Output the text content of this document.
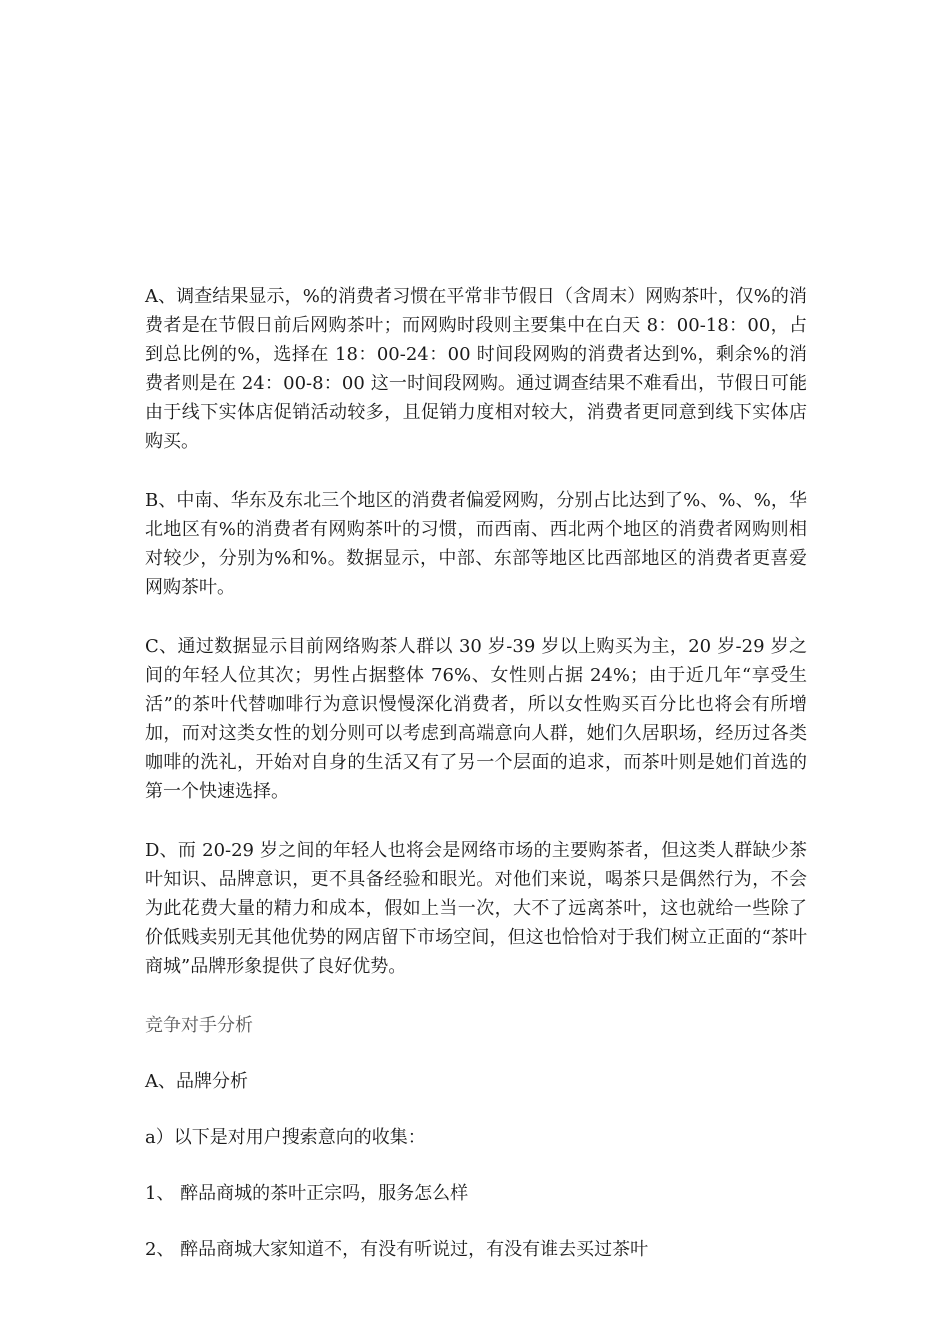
A、调查结果显示，%的消费者习惯在平常非节假日（含周末）网购茶叶，仅%的消费者是在节假日前后网购茶叶；而网购时段则主要集中在白天 8：00-18：00，占到总比例的%，选择在 18：00-24：00 时间段网购的消费者达到%，剩余%的消费者则是在 24：00-8：00 这一时间段网购。通过调查结果不难看出，节假日可能由于线下实体店促销活动较多，且促销力度相对较大，消费者更同意到线下实体店购买。

B、中南、华东及东北三个地区的消费者偏爱网购，分别占比达到了%、%、%，华北地区有%的消费者有网购茶叶的习惯，而西南、西北两个地区的消费者网购则相对较少，分别为%和%。数据显示，中部、东部等地区比西部地区的消费者更喜爱网购茶叶。

C、通过数据显示目前网络购茶人群以 30 岁-39 岁以上购买为主，20 岁-29 岁之间的年轻人位其次；男性占据整体 76%、女性则占据 24%；由于近几年“享受生活”的茶叶代替咖啡行为意识慢慢深化消费者，所以女性购买百分比也将会有所增加，而对这类女性的划分则可以考虑到高端意向人群，她们久居职场，经历过各类咖啡的洗礼，开始对自身的生活又有了另一个层面的追求，而茶叶则是她们首选的第一个快速选择。

D、而 20-29 岁之间的年轻人也将会是网络市场的主要购茶者，但这类人群缺少茶叶知识、品牌意识，更不具备经验和眼光。对他们来说，喝茶只是偶然行为，不会为此花费大量的精力和成本，假如上当一次，大不了远离茶叶，这也就给一些除了价低贱卖别无其他优势的网店留下市场空间，但这也恰恰对于我们树立正面的“茶叶商城”品牌形象提供了良好优势。

竞争对手分析

A、品牌分析

a）以下是对用户搜索意向的收集：

1、 醉品商城的茶叶正宗吗，服务怎么样

2、 醉品商城大家知道不，有没有听说过，有没有谁去买过茶叶
